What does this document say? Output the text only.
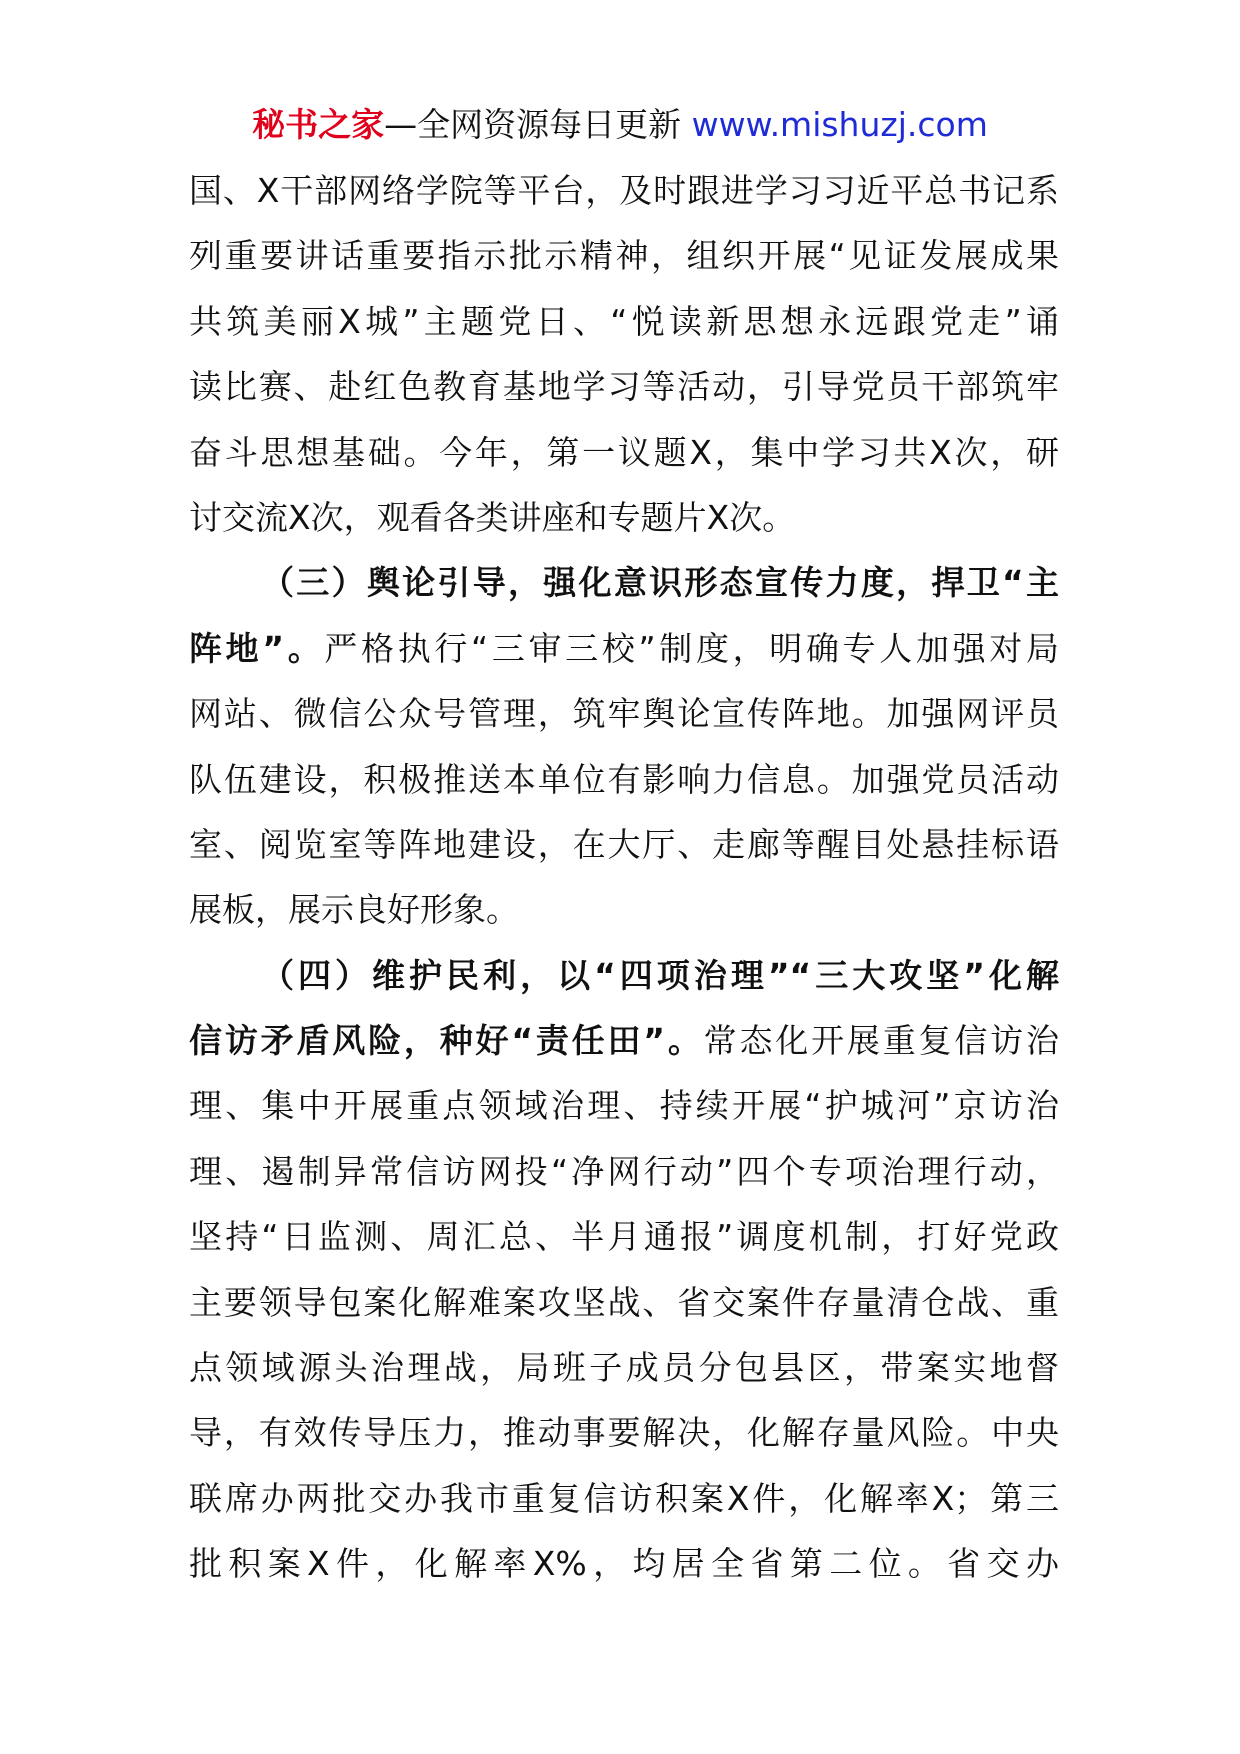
秘书之家—全网资源每日更新 www.mishuzj.com
国、X干部网络学院等平台，及时跟进学习习近平总书记系
列重要讲话重要指示批示精神，组织开展“见证发展成果
共筑美丽X城”主题党日、“悦读新思想永远跟党走”诵
读比赛、赴红色教育基地学习等活动，引导党员干部筑牢
奋斗思想基础。今年，第一议题X，集中学习共X次，研
讨交流X次，观看各类讲座和专题片X次。
（三）舆论引导，强化意识形态宣传力度，捍卫“主
阵地”。严格执行“三审三校”制度，明确专人加强对局
网站、微信公众号管理，筑牢舆论宣传阵地。加强网评员
队伍建设，积极推送本单位有影响力信息。加强党员活动
室、阅览室等阵地建设，在大厅、走廊等醒目处悬挂标语
展板，展示良好形象。
（四）维护民利，以“四项治理”“三大攻坚”化解
信访矛盾风险，种好“责任田”。常态化开展重复信访治
理、集中开展重点领域治理、持续开展“护城河”京访治
理、遏制异常信访网投“净网行动”四个专项治理行动，
坚持“日监测、周汇总、半月通报”调度机制，打好党政
主要领导包案化解难案攻坚战、省交案件存量清仓战、重
点领域源头治理战，局班子成员分包县区，带案实地督
导，有效传导压力，推动事要解决，化解存量风险。中央
联席办两批交办我市重复信访积案X件，化解率X；第三
批积案X件，化解率X%，均居全省第二位。省交办
